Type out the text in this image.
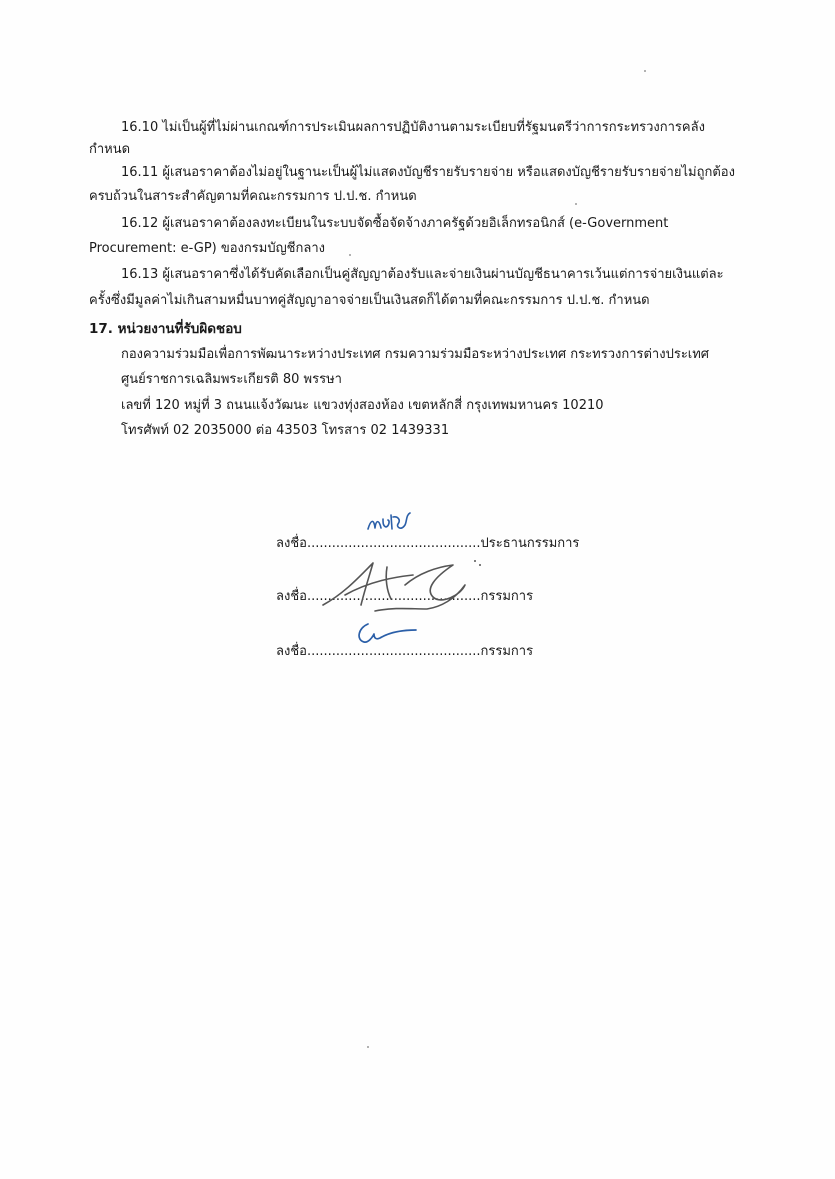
16.10 ไม่เป็นผู้ที่ไม่ผ่านเกณฑ์การประเมินผลการปฏิบัติงานตามระเบียบที่รัฐมนตรีว่าการกระทรวงการคลัง
กำหนด
16.11 ผู้เสนอราคาต้องไม่อยู่ในฐานะเป็นผู้ไม่แสดงบัญชีรายรับรายจ่าย หรือแสดงบัญชีรายรับรายจ่ายไม่ถูกต้อง
ครบถ้วนในสาระสำคัญตามที่คณะกรรมการ ป.ป.ช. กำหนด
16.12 ผู้เสนอราคาต้องลงทะเบียนในระบบจัดซื้อจัดจ้างภาครัฐด้วยอิเล็กทรอนิกส์ (e-Government
Procurement: e-GP) ของกรมบัญชีกลาง
16.13 ผู้เสนอราคาซึ่งได้รับคัดเลือกเป็นคู่สัญญาต้องรับและจ่ายเงินผ่านบัญชีธนาคารเว้นแต่การจ่ายเงินแต่ละ
ครั้งซึ่งมีมูลค่าไม่เกินสามหมื่นบาทคู่สัญญาอาจจ่ายเป็นเงินสดก็ได้ตามที่คณะกรรมการ ป.ป.ช. กำหนด
17. หน่วยงานที่รับผิดชอบ
กองความร่วมมือเพื่อการพัฒนาระหว่างประเทศ กรมความร่วมมือระหว่างประเทศ กระทรวงการต่างประเทศ
ศูนย์ราชการเฉลิมพระเกียรติ 80 พรรษา
เลขที่ 120 หมู่ที่ 3 ถนนแจ้งวัฒนะ แขวงทุ่งสองห้อง เขตหลักสี่ กรุงเทพมหานคร 10210
โทรศัพท์ 02 2035000 ต่อ 43503 โทรสาร 02 1439331
ลงชื่อ..........................................ประธานกรรมการ
ลงชื่อ..........................................กรรมการ
ลงชื่อ..........................................กรรมการ
